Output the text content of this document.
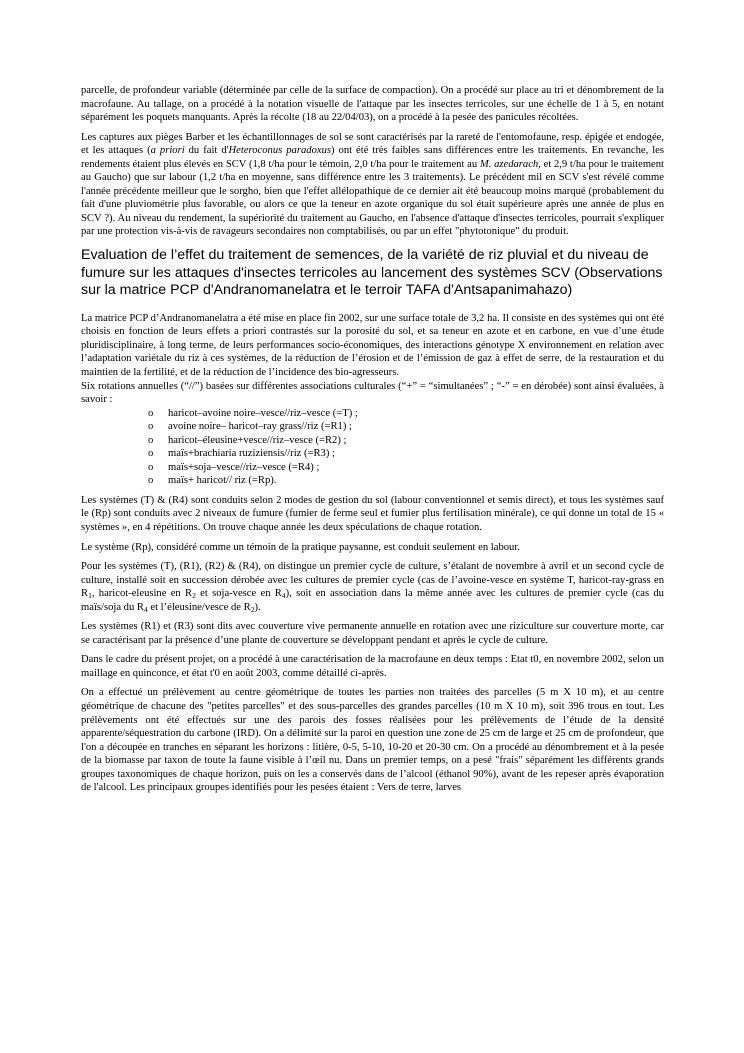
parcelle, de profondeur variable (déterminée par celle de la surface de compaction). On a procédé sur place au tri et dénombrement de la macrofaune. Au tallage, on a procédé à la notation visuelle de l'attaque par les insectes terricoles, sur une échelle de 1 à 5, en notant séparément les poquets manquants. Après la récolte (18 au 22/04/03), on a procédé à la pesée des panicules récoltées.

Les captures aux pièges Barber et les échantillonnages de sol se sont caractérisés par la rareté de l'entomofaune, resp. épigée et endogée, et les attaques (a priori du fait d'Heteroconus paradoxus) ont été très faibles sans différences entre les traitements. En revanche, les rendements étaient plus élevés en SCV (1,8 t/ha pour le témoin, 2,0 t/ha pour le traitement au M. azedarach, et 2,9 t/ha pour le traitement au Gaucho) que sur labour (1,2 t/ha en moyenne, sans différence entre les 3 traitements). Le précédent mil en SCV s'est révélé comme l'année précédente meilleur que le sorgho, bien que l'effet allélopathique de ce dernier ait été beaucoup moins marqué (probablement du fait d'une pluviométrie plus favorable, ou alors ce que la teneur en azote organique du sol était supérieure après une année de plus en SCV ?). Au niveau du rendement, la supériorité du traitement au Gaucho, en l'absence d'attaque d'insectes terricoles, pourrait s'expliquer par une protection vis-à-vis de ravageurs secondaires non comptabilisés, ou par un effet "phytotonique" du produit.

Evaluation de l’effet du traitement de semences, de la variété de riz pluvial et du niveau de fumure sur les attaques d'insectes terricoles au lancement des systèmes SCV (Observations sur la matrice PCP d'Andranomanelatra et le terroir TAFA d'Antsapanimahazo)

La matrice PCP d’Andranomanelatra a été mise en place fin 2002, sur une surface totale de 3,2 ha. Il consiste en des systèmes qui ont été choisis en fonction de leurs effets a priori contrastés sur la porosité du sol, et sa teneur en azote et en carbone, en vue d’une étude pluridisciplinaire, à long terme, de leurs performances socio-économiques, des interactions génotype X environnement en relation avec l’adaptation variétale du riz à ces systèmes, de la réduction de l’érosion et de l’émission de gaz à effet de serre, de la restauration et du maintien de la fertilité, et de la réduction de l’incidence des bio-agresseurs.

Six rotations annuelles (“//”) basées sur différentes associations culturales (“+” = “simultanées” ; “-” = en dérobée) sont ainsi évaluées, à savoir :

o haricot–avoine noire–vesce//riz–vesce (=T) ;
o avoine noire– haricot–ray grass//riz (=R1) ;
o haricot–éleusine+vesce//riz–vesce (=R2) ;
o maïs+brachiaria ruziziensis//riz (=R3) ;
o maïs+soja–vesce//riz–vesce (=R4) ;
o maïs+ haricot// riz (=Rp).

Les systèmes (T) & (R4) sont conduits selon 2 modes de gestion du sol (labour conventionnel et semis direct), et tous les systèmes sauf le (Rp) sont conduits avec 2 niveaux de fumure (fumier de ferme seul et fumier plus fertilisation minérale), ce qui donne un total de 15 « systèmes », en 4 répétitions. On trouve chaque année les deux spéculations de chaque rotation.

Le système (Rp), considéré comme un témoin de la pratique paysanne, est conduit seulement en labour.

Pour les systèmes (T), (R1), (R2) & (R4), on distingue un premier cycle de culture, s’étalant de novembre à avril et un second cycle de culture, installé soit en succession dérobée avec les cultures de premier cycle (cas de l’avoine-vesce en système T, haricot-ray-grass en $R_1$, haricot-eleusine en $R_2$ et soja-vesce en $R_4$), soit en association dans la même année avec les cultures de premier cycle (cas du maïs/soja du $R_4$ et l’éleusine/vesce de $R_2$).

Les systèmes (R1) et (R3) sont dits avec couverture vive permanente annuelle en rotation avec une riziculture sur couverture morte, car se caractérisant par la présence d’une plante de couverture se développant pendant et après le cycle de culture.

Dans le cadre du présent projet, on a procédé à une caractérisation de la macrofaune en deux temps : Etat t0, en novembre 2002, selon un maillage en quinconce, et état t'0 en août 2003, comme détaillé ci-après.

On a effectué un prélèvement au centre géométrique de toutes les parties non traitées des parcelles (5 m X 10 m), et au centre géométrique de chacune des "petites parcelles" et des sous-parcelles des grandes parcelles (10 m X 10 m), soit 396 trous en tout. Les prélèvements ont été effectués sur une des parois des fosses réalisées pour les prélèvements de l’étude de la densité apparente/séquestration du carbone (IRD). On a délimité sur la paroi en question une zone de 25 cm de large et 25 cm de profondeur, que l'on a découpée en tranches en séparant les horizons : litière, 0-5, 5-10, 10-20 et 20-30 cm. On a procédé au dénombrement et à la pesée de la biomasse par taxon de toute la faune visible à l’œil nu. Dans un premier temps, on a pesé "frais" séparément les différents grands groupes taxonomiques de chaque horizon, puis on les a conservés dans de l’alcool (éthanol 90%), avant de les repeser après évaporation de l'alcool. Les principaux groupes identifiés pour les pesées étaient : Vers de terre, larves
